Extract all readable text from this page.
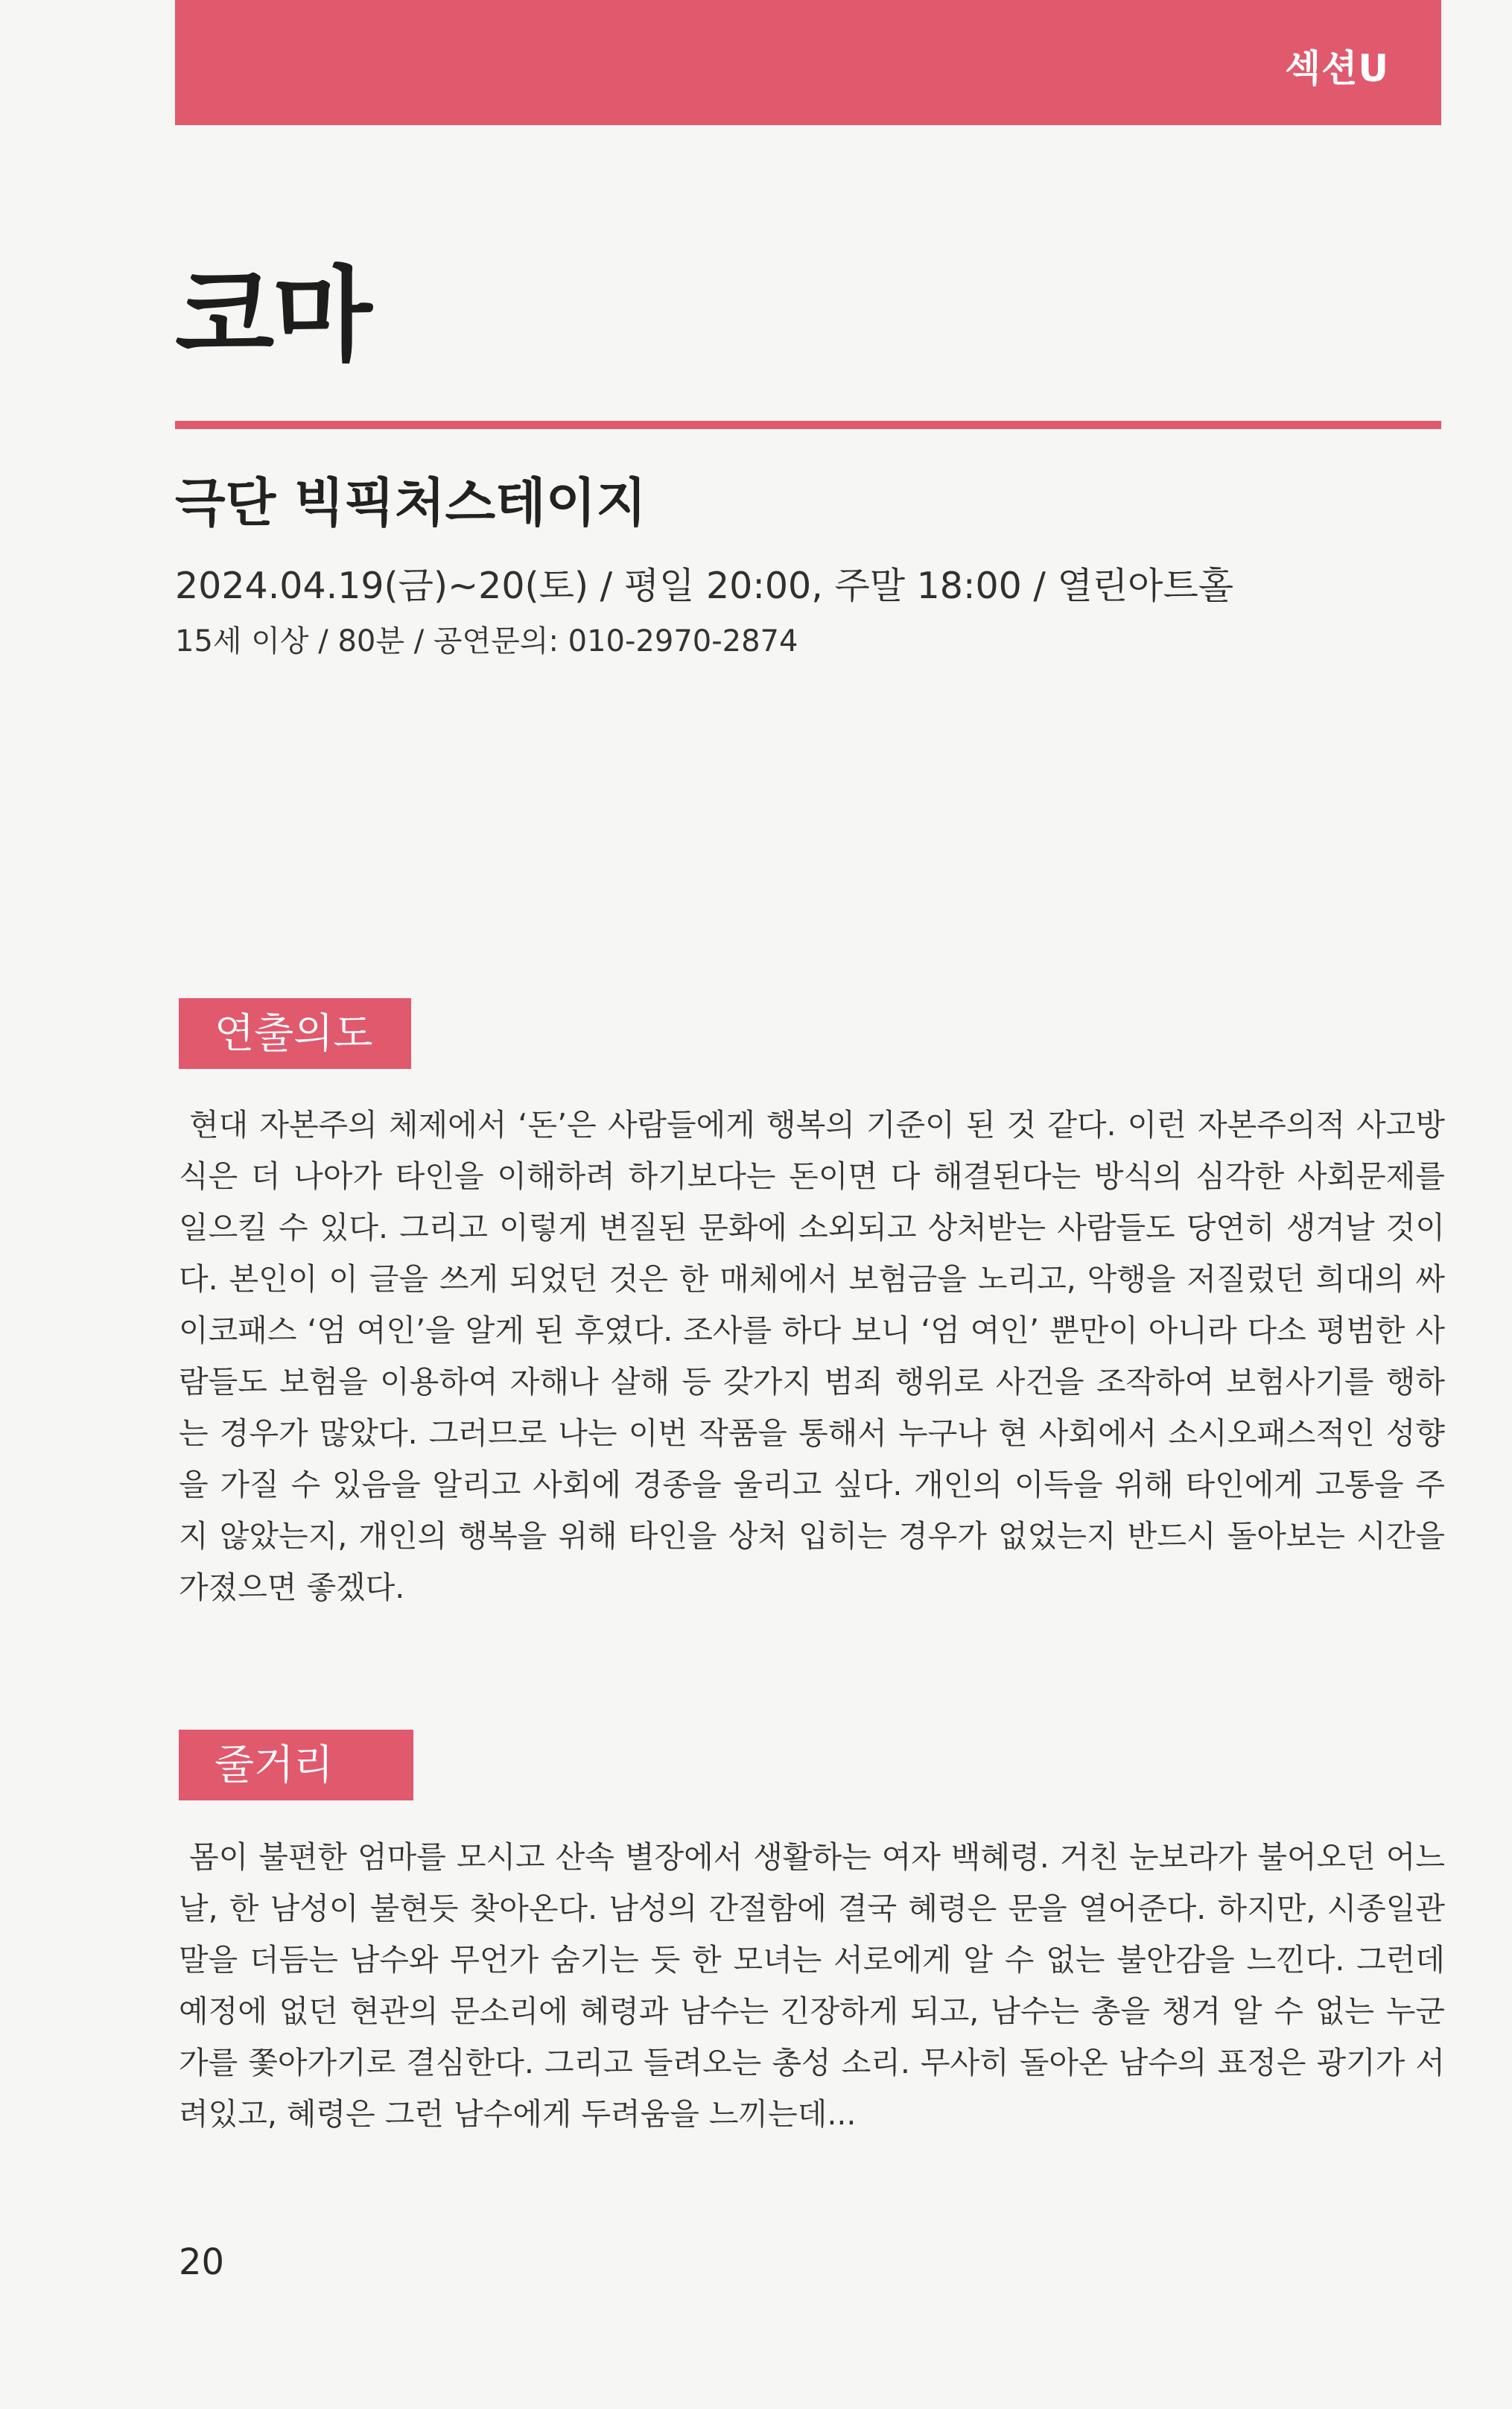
섹션U
코마
극단 빅픽처스테이지
2024.04.19(금)~20(토) / 평일 20:00, 주말 18:00 / 열린아트홀
15세 이상 / 80분 / 공연문의: 010-2970-2874
연출의도

현대 자본주의 체제에서 ‘돈’은 사람들에게 행복의 기준이 된 것 같다. 이런 자본주의적 사고방식은 더 나아가 타인을 이해하려 하기보다는 돈이면 다 해결된다는 방식의 심각한 사회문제를 일으킬 수 있다. 그리고 이렇게 변질된 문화에 소외되고 상처받는 사람들도 당연히 생겨날 것이다. 본인이 이 글을 쓰게 되었던 것은 한 매체에서 보험금을 노리고, 악행을 저질렀던 희대의 싸이코패스 ‘엄 여인’을 알게 된 후였다. 조사를 하다 보니 ‘엄 여인’ 뿐만이 아니라 다소 평범한 사람들도 보험을 이용하여 자해나 살해 등 갖가지 범죄 행위로 사건을 조작하여 보험사기를 행하는 경우가 많았다. 그러므로 나는 이번 작품을 통해서 누구나 현 사회에서 소시오패스적인 성향을 가질 수 있음을 알리고 사회에 경종을 울리고 싶다. 개인의 이득을 위해 타인에게 고통을 주지 않았는지, 개인의 행복을 위해 타인을 상처 입히는 경우가 없었는지 반드시 돌아보는 시간을 가졌으면 좋겠다.

줄거리

몸이 불편한 엄마를 모시고 산속 별장에서 생활하는 여자 백혜령. 거친 눈보라가 불어오던 어느 날, 한 남성이 불현듯 찾아온다. 남성의 간절함에 결국 혜령은 문을 열어준다. 하지만, 시종일관 말을 더듬는 남수와 무언가 숨기는 듯 한 모녀는 서로에게 알 수 없는 불안감을 느낀다. 그런데 예정에 없던 현관의 문소리에 혜령과 남수는 긴장하게 되고, 남수는 총을 챙겨 알 수 없는 누군가를 쫓아가기로 결심한다. 그리고 들려오는 총성 소리. 무사히 돌아온 남수의 표정은 광기가 서려있고, 혜령은 그런 남수에게 두려움을 느끼는데...

20
